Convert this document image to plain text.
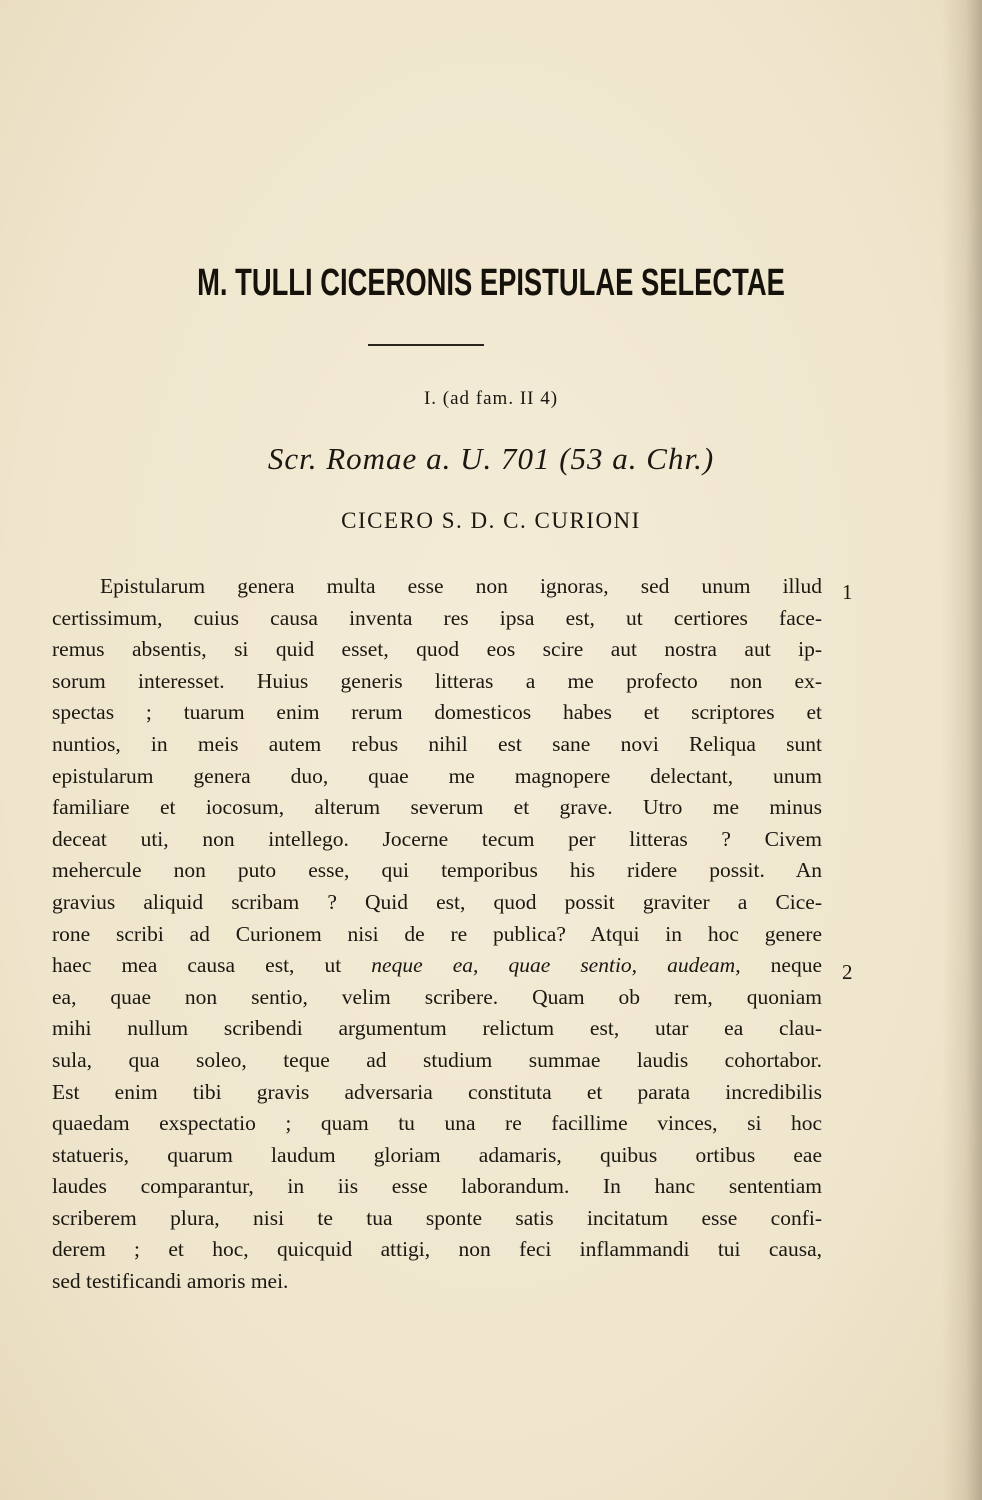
M. TULLI CICERONIS EPISTULAE SELECTAE
I. (ad fam. II 4)
Scr. Romae a. U. 701 (53 a. Chr.)
CICERO S. D. C. CURIONI
Epistularum genera multa esse non ignoras, sed unum illud
certissimum, cuius causa inventa res ipsa est, ut certiores face-
remus absentis, si quid esset, quod eos scire aut nostra aut ip-
sorum interesset. Huius generis litteras a me profecto non ex-
spectas ; tuarum enim rerum domesticos habes et scriptores et
nuntios, in meis autem rebus nihil est sane novi Reliqua sunt
epistularum genera duo, quae me magnopere delectant, unum
familiare et iocosum, alterum severum et grave. Utro me minus
deceat uti, non intellego. Jocerne tecum per litteras ? Civem
mehercule non puto esse, qui temporibus his ridere possit. An
gravius aliquid scribam ? Quid est, quod possit graviter a Cice-
rone scribi ad Curionem nisi de re publica? Atqui in hoc genere
haec mea causa est, ut neque ea, quae sentio, audeam, neque
ea, quae non sentio, velim scribere. Quam ob rem, quoniam
mihi nullum scribendi argumentum relictum est, utar ea clau-
sula, qua soleo, teque ad studium summae laudis cohortabor.
Est enim tibi gravis adversaria constituta et parata incredibilis
quaedam exspectatio ; quam tu una re facillime vinces, si hoc
statueris, quarum laudum gloriam adamaris, quibus ortibus eae
laudes comparantur, in iis esse laborandum. In hanc sententiam
scriberem plura, nisi te tua sponte satis incitatum esse confi-
derem ; et hoc, quicquid attigi, non feci inflammandi tui causa,
sed testificandi amoris mei.
1
2
